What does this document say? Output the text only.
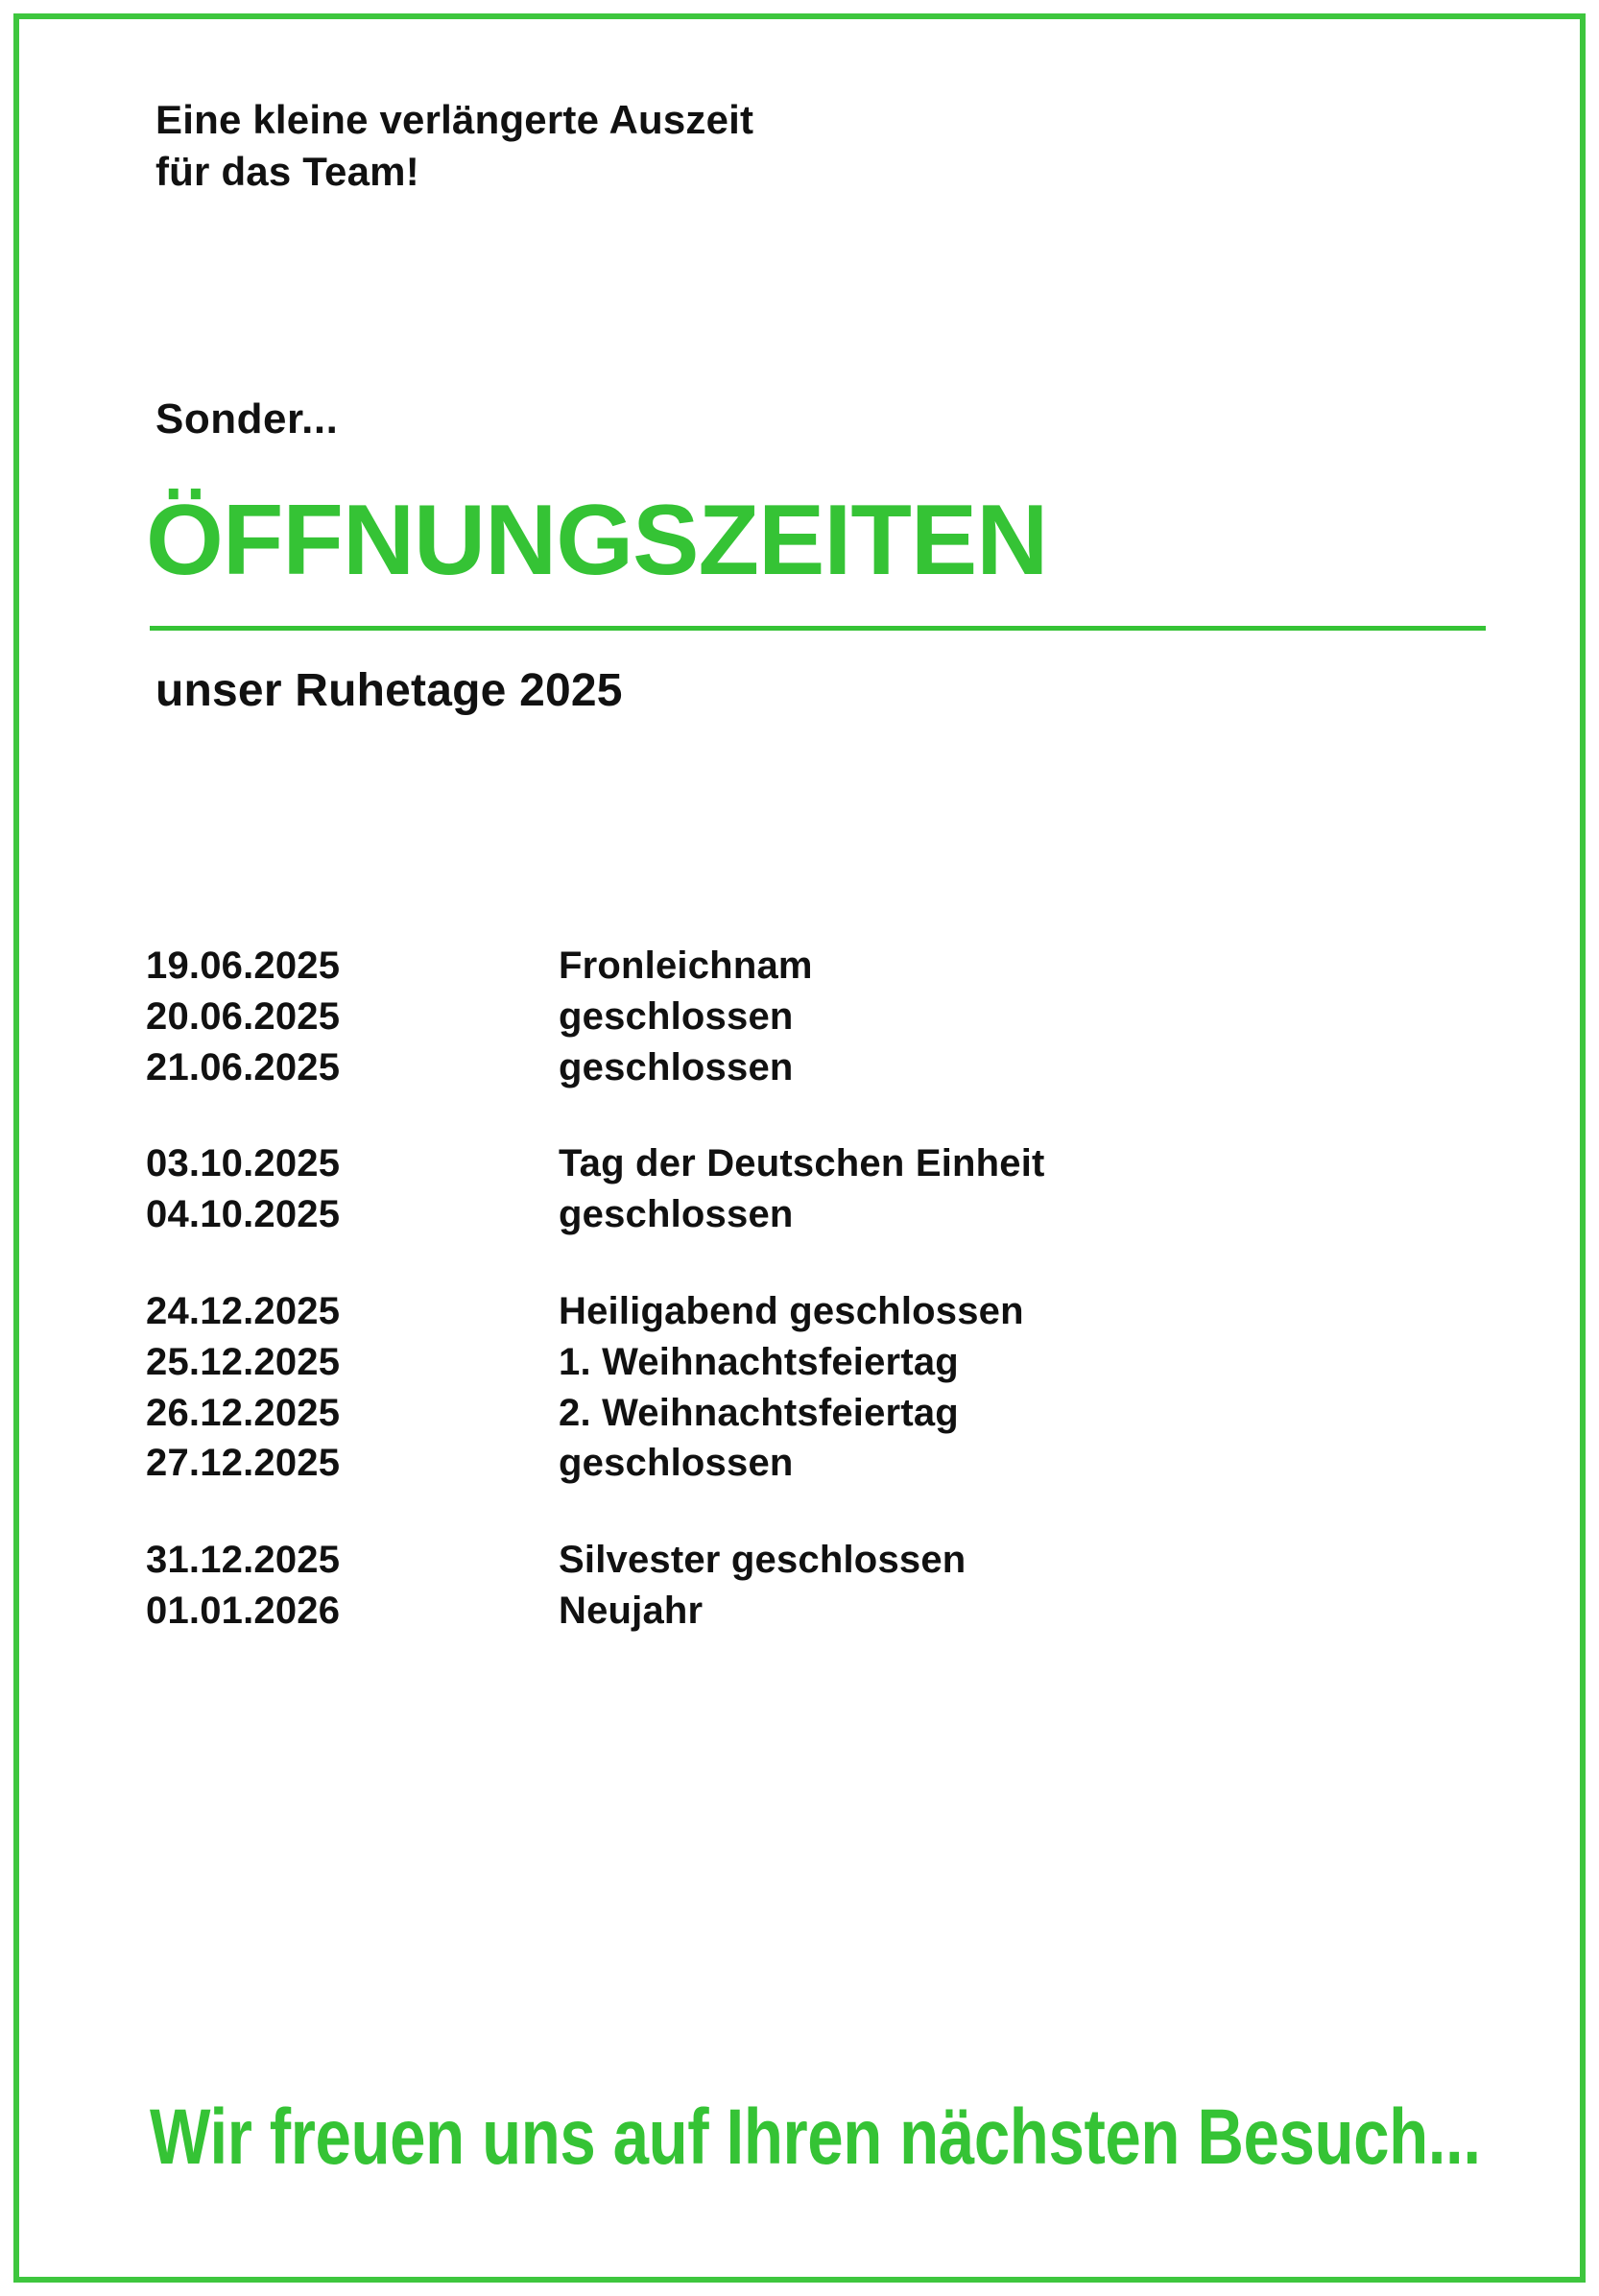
Eine kleine verlängerte Auszeit
für das Team!
Sonder...
ÖFFNUNGSZEITEN
unser Ruhetage 2025
19.06.2025	Fronleichnam
20.06.2025	geschlossen
21.06.2025	geschlossen
03.10.2025	Tag der Deutschen Einheit
04.10.2025	geschlossen
24.12.2025	Heiligabend geschlossen
25.12.2025	1. Weihnachtsfeiertag
26.12.2025	2. Weihnachtsfeiertag
27.12.2025	geschlossen
31.12.2025	Silvester geschlossen
01.01.2026	Neujahr
Wir freuen uns auf Ihren nächsten Besuch...
